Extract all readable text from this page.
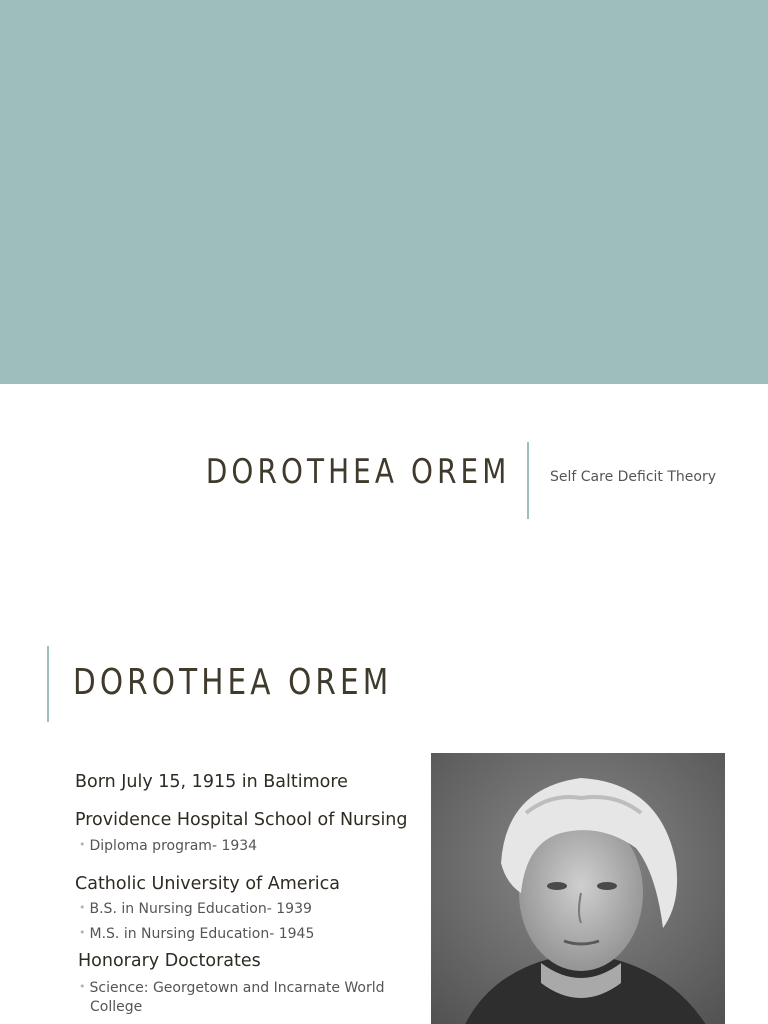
DOROTHEA OREM	Self Care Deficit Theory
DOROTHEA OREM
Born July 15, 1915 in Baltimore
Providence Hospital School of Nursing
• Diploma program- 1934
Catholic University of America
• B.S. in Nursing Education- 1939
• M.S. in Nursing Education- 1945
Honorary Doctorates
• Science: Georgetown and Incarnate World College
